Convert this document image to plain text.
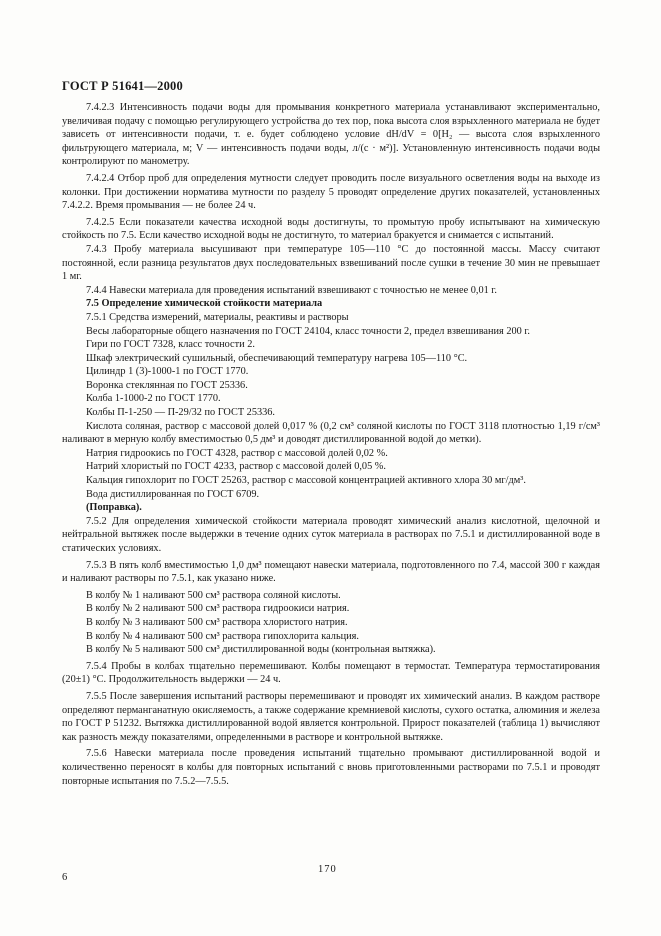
ГОСТ Р 51641—2000

7.4.2.3 Интенсивность подачи воды для промывания конкретного материала устанавливают экспериментально, увеличивая подачу с помощью регулирующего устройства до тех пор, пока высота слоя взрыхленного материала не будет зависеть от интенсивности подачи, т. е. будет соблюдено условие dH/dV = 0[H₂ — высота слоя взрыхленного фильтрующего материала, м; V — интенсивность подачи воды, л/(с · м²)]. Установленную интенсивность подачи воды контролируют по манометру.

7.4.2.4 Отбор проб для определения мутности следует проводить после визуального осветления воды на выходе из колонки. При достижении норматива мутности по разделу 5 проводят определение других показателей, установленных 7.4.2.2. Время промывания — не более 24 ч.

7.4.2.5 Если показатели качества исходной воды достигнуты, то промытую пробу испытывают на химическую стойкость по 7.5. Если качество исходной воды не достигнуто, то материал бракуется и снимается с испытаний.

7.4.3 Пробу материала высушивают при температуре 105—110 °С до постоянной массы. Массу считают постоянной, если разница результатов двух последовательных взвешиваний после сушки в течение 30 мин не превышает 1 мг.

7.4.4 Навески материала для проведения испытаний взвешивают с точностью не менее 0,01 г.

7.5 Определение химической стойкости материала

7.5.1 Средства измерений, материалы, реактивы и растворы

Весы лабораторные общего назначения по ГОСТ 24104, класс точности 2, предел взвешивания 200 г.

Гири по ГОСТ 7328, класс точности 2.

Шкаф электрический сушильный, обеспечивающий температуру нагрева 105—110 °С.

Цилиндр 1 (3)-1000-1 по ГОСТ 1770.

Воронка стеклянная по ГОСТ 25336.

Колба 1-1000-2 по ГОСТ 1770.

Колбы П-1-250 — П-29/32 по ГОСТ 25336.

Кислота соляная, раствор с массовой долей 0,017 % (0,2 см³ соляной кислоты по ГОСТ 3118 плотностью 1,19 г/см³ наливают в мерную колбу вместимостью 0,5 дм³ и доводят дистиллированной водой до метки).

Натрия гидроокись по ГОСТ 4328, раствор с массовой долей 0,02 %.

Натрий хлористый по ГОСТ 4233, раствор с массовой долей 0,05 %.

Кальция гипохлорит по ГОСТ 25263, раствор с массовой концентрацией активного хлора 30 мг/дм³.

Вода дистиллированная по ГОСТ 6709.

(Поправка).

7.5.2 Для определения химической стойкости материала проводят химический анализ кислотной, щелочной и нейтральной вытяжек после выдержки в течение одних суток материала в растворах по 7.5.1 и дистиллированной воде в статических условиях.

7.5.3 В пять колб вместимостью 1,0 дм³ помещают навески материала, подготовленного по 7.4, массой 300 г каждая и наливают растворы по 7.5.1, как указано ниже.

В колбу № 1 наливают 500 см³ раствора соляной кислоты.

В колбу № 2 наливают 500 см³ раствора гидроокиси натрия.

В колбу № 3 наливают 500 см³ раствора хлористого натрия.

В колбу № 4 наливают 500 см³ раствора гипохлорита кальция.

В колбу № 5 наливают 500 см³ дистиллированной воды (контрольная вытяжка).

7.5.4 Пробы в колбах тщательно перемешивают. Колбы помещают в термостат. Температура термостатирования (20±1) °С. Продолжительность выдержки — 24 ч.

7.5.5 После завершения испытаний растворы перемешивают и проводят их химический анализ. В каждом растворе определяют перманганатную окисляемость, а также содержание кремниевой кислоты, сухого остатка, алюминия и железа по ГОСТ Р 51232. Вытяжка дистиллированной водой является контрольной. Прирост показателей (таблица 1) вычисляют как разность между показателями, определенными в растворе и контрольной вытяжке.

7.5.6 Навески материала после проведения испытаний тщательно промывают дистиллированной водой и количественно переносят в колбы для повторных испытаний с вновь приготовленными растворами по 7.5.1 и проводят повторные испытания по 7.5.2—7.5.5.

6
170
